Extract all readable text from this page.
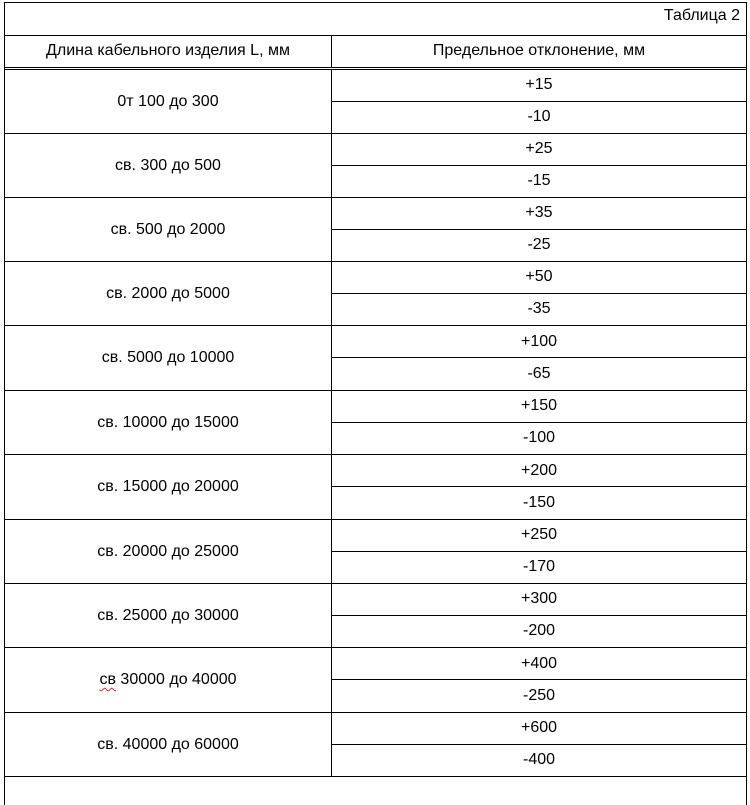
Таблица 2
Длина кабельного изделия L, мм	Предельное отклонение, мм
0т 100 до 300
+15
-10
св. 300 до 500
+25
-15
св. 500 до 2000
+35
-25
св. 2000 до 5000
+50
-35
св. 5000 до 10000
+100
-65
св. 10000 до 15000
+150
-100
св. 15000 до 20000
+200
-150
св. 20000 до 25000
+250
-170
св. 25000 до 30000
+300
-200
св 30000 до 40000
+400
-250
св. 40000 до 60000
+600
-400
